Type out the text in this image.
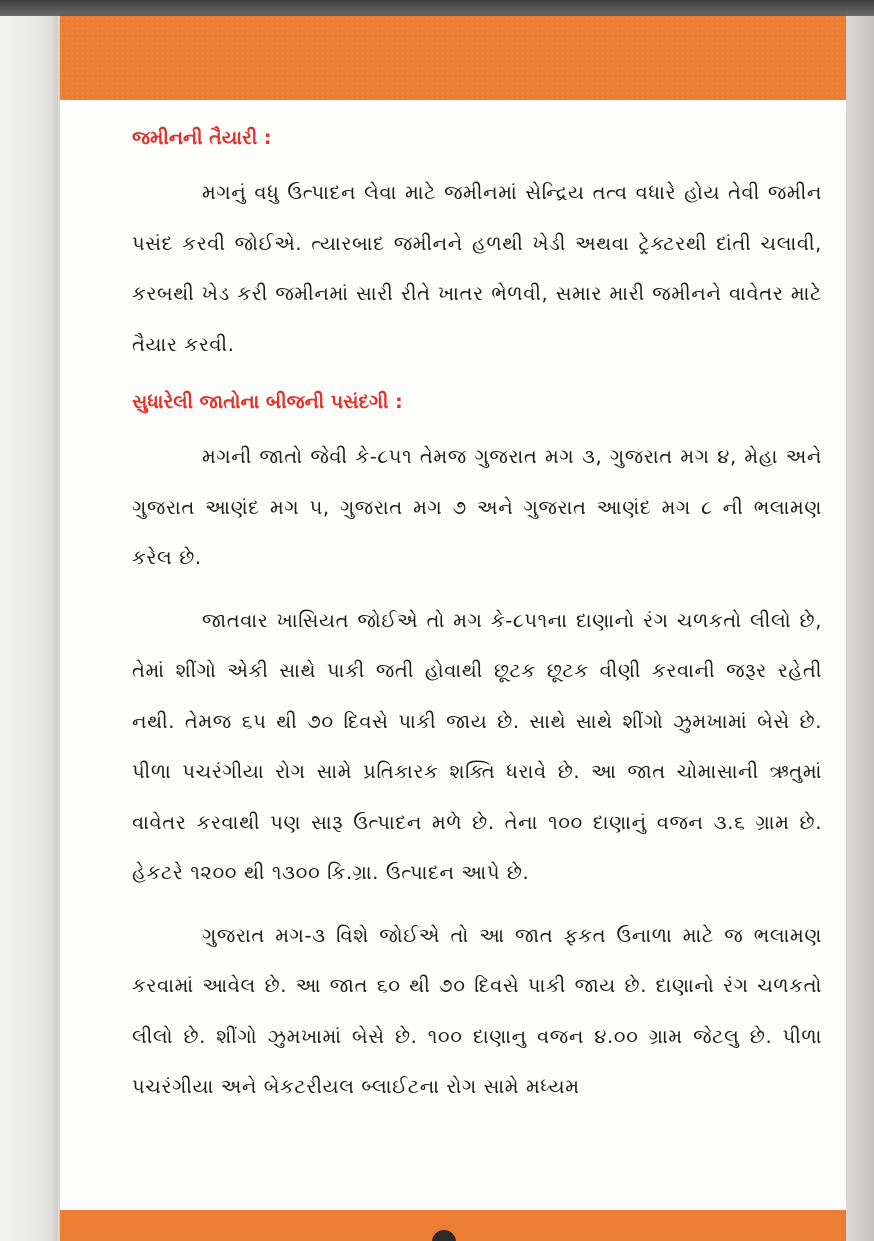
જમીનની તૈયારી :

મગનું વધુ ઉત્પાદન લેવા માટે જમીનમાં સેન્દ્રિય તત્વ વધારે હોય તેવી જમીન પસંદ કરવી જોઈએ. ત્યારબાદ જમીનને હળથી ખેડી અથવા ટ્રેક્ટરથી દાંતી ચલાવી, કરબથી ખેડ કરી જમીનમાં સારી રીતે ખાતર ભેળવી, સમાર મારી જમીનને વાવેતર માટે તૈયાર કરવી.

સુધારેલી જાતોના બીજની પસંદગી :

મગની જાતો જેવી કે-૮૫૧ તેમજ ગુજરાત મગ ૩, ગુજરાત મગ ૪, મેહા અને ગુજરાત આણંદ મગ ૫, ગુજરાત મગ ૭ અને ગુજરાત આણંદ મગ ૮ ની ભલામણ કરેલ છે.

જાતવાર ખાસિયત જોઈએ તો મગ કે-૮૫૧ના દાણાનો રંગ ચળકતો લીલો છે, તેમાં શીંગો એકી સાથે પાકી જતી હોવાથી છૂટક છૂટક વીણી કરવાની જરૂર રહેતી નથી. તેમજ ૬૫ થી ૭૦ દિવસે પાકી જાય છે. સાથે સાથે શીંગો ઝુમખામાં બેસે છે. પીળા પચરંગીયા રોગ સામે પ્રતિકારક શક્તિ ધરાવે છે. આ જાત ચોમાસાની ઋતુમાં વાવેતર કરવાથી પણ સારૂ ઉત્પાદન મળે છે. તેના ૧૦૦ દાણાનું વજન ૩.૬ ગ્રામ છે. હેકટરે ૧૨૦૦ થી ૧૩૦૦ કિ.ગ્રા. ઉત્પાદન આપે છે.

ગુજરાત મગ-૩ વિશે જોઈએ તો આ જાત ફકત ઉનાળા માટે જ ભલામણ કરવામાં આવેલ છે. આ જાત ૬૦ થી ૭૦ દિવસે પાકી જાય છે. દાણાનો રંગ ચળકતો લીલો છે. શીંગો ઝુમખામાં બેસે છે. ૧૦૦ દાણાનુ વજન ૪.૦૦ ગ્રામ જેટલુ છે. પીળા પચરંગીયા અને બેકટરીયલ બ્લાઈટના રોગ સામે મધ્યમ
